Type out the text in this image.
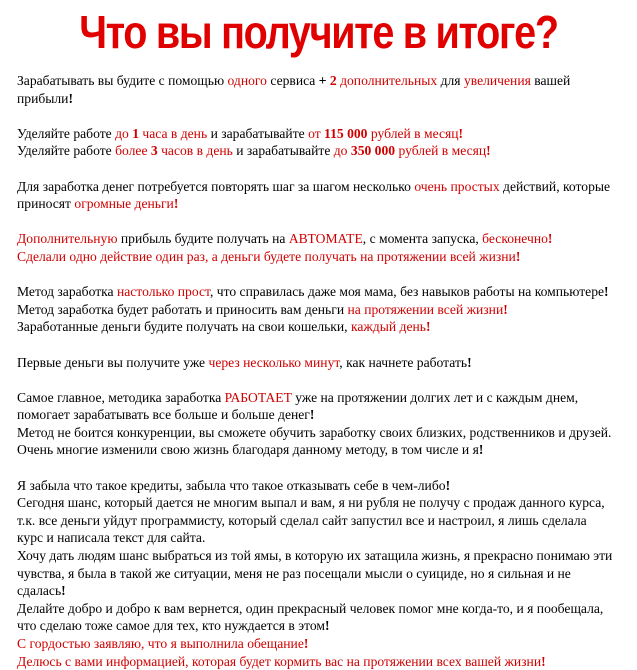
Что вы получите в итоге?

Зарабатывать вы будите с помощью одного сервиса + 2 дополнительных для увеличения вашей
прибыли!

Уделяйте работе до 1 часа в день и зарабатывайте от 115 000 рублей в месяц!
Уделяйте работе более 3 часов в день и зарабатывайте до 350 000 рублей в месяц!

Для заработка денег потребуется повторять шаг за шагом несколько очень простых действий, которые
приносят огромные деньги!

Дополнительную прибыль будите получать на АВТОМАТЕ, с момента запуска, бесконечно!
Сделали одно действие один раз, а деньги будете получать на протяжении всей жизни!

Метод заработка настолько прост, что справилась даже моя мама, без навыков работы на компьютере!
Метод заработка будет работать и приносить вам деньги на протяжении всей жизни!
Заработанные деньги будите получать на свои кошельки, каждый день!

Первые деньги вы получите уже через несколько минут, как начнете работать!

Самое главное, методика заработка РАБОТАЕТ уже на протяжении долгих лет и с каждым днем,
помогает зарабатывать все больше и больше денег!
Метод не боится конкуренции, вы сможете обучить заработку своих близких, родственников и друзей.
Очень многие изменили свою жизнь благодаря данному методу, в том числе и я!

Я забыла что такое кредиты, забыла что такое отказывать себе в чем-либо!
Сегодня шанс, который дается не многим выпал и вам, я ни рубля не получу с продаж данного курса,
т.к. все деньги уйдут программисту, который сделал сайт запустил все и настроил, я лишь сделала
курс и написала текст для сайта.
Хочу дать людям шанс выбраться из той ямы, в которую их затащила жизнь, я прекрасно понимаю эти
чувства, я была в такой же ситуации, меня не раз посещали мысли о суициде, но я сильная и не
сдалась!
Делайте добро и добро к вам вернется, один прекрасный человек помог мне когда-то, и я пообещала,
что сделаю тоже самое для тех, кто нуждается в этом!
С гордостью заявляю, что я выполнила обещание!
Делюсь с вами информацией, которая будет кормить вас на протяжении всех вашей жизни!
